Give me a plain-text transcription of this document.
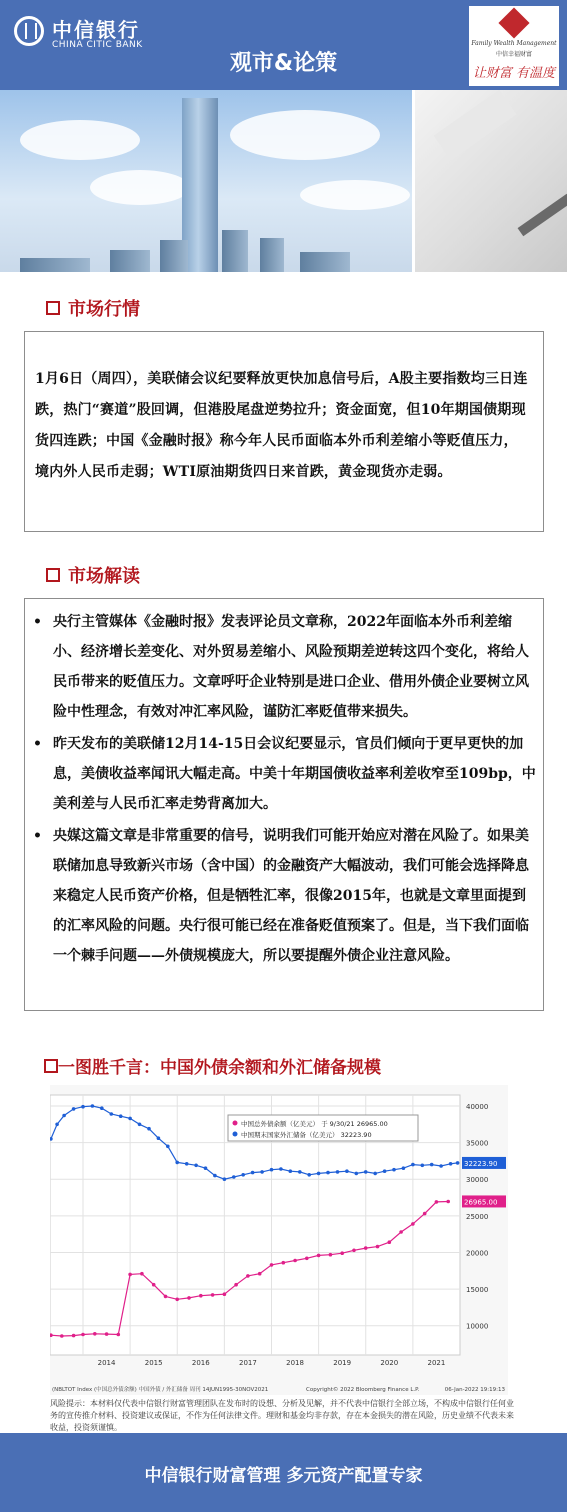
中信银行
CHINA CITIC BANK
观市&论策
Family Wealth Management
中信幸福财富
让财富 有温度
市场行情
1月6日（周四），美联储会议纪要释放更快加息信号后，A股主要指数均三日连跌，热门“赛道”股回调，但港股尾盘逆势拉升；资金面宽，但10年期国债期现货四连跌；中国《金融时报》称今年人民币面临本外币利差缩小等贬值压力，境内外人民币走弱；WTI原油期货四日来首跌，黄金现货亦走弱。
市场解读
• 央行主管媒体《金融时报》发表评论员文章称，2022年面临本外币利差缩小、经济增长差变化、对外贸易差缩小、风险预期差逆转这四个变化，将给人民币带来的贬值压力。文章呼吁企业特别是进口企业、借用外债企业要树立风险中性理念，有效对冲汇率风险，谨防汇率贬值带来损失。
• 昨天发布的美联储12月14-15日会议纪要显示，官员们倾向于更早更快的加息，美债收益率闻讯大幅走高。中美十年期国债收益率利差收窄至109bp，中美利差与人民币汇率走势背离加大。
• 央媒这篇文章是非常重要的信号，说明我们可能开始应对潜在风险了。如果美联储加息导致新兴市场（含中国）的金融资产大幅波动，我们可能会选择降息来稳定人民币资产价格，但是牺牲汇率，很像2015年，也就是文章里面提到的汇率风险的问题。央行很可能已经在准备贬值预案了。但是，当下我们面临一个棘手问题——外债规模庞大，所以要提醒外债企业注意风险。
一图胜千言：中国外债余额和外汇储备规模
26965.00
32223.90
10000
15000
20000
25000
30000
35000
40000
2014	2015	2016	2017	2018	2019	2020	2021
中国总外债余额（亿美元） 于 9/30/21 26965.00
中国期末国家外汇储备（亿美元） 32223.90
(NBLTOT Index (中国总外债余额) 中国外债 / 外汇储备 周刊 14JUN1995-30NOV2021	Copyright© 2022 Bloomberg Finance L.P.	06-Jan-2022 19:19:13
风险提示：本材料仅代表中信银行财富管理团队在发布时的设想、分析及见解，并不代表中信银行全部立场，不构成中信银行任何业务的宣传推介材料、投资建议或保证，不作为任何法律文件。理财和基金均非存款，存在本金损失的潜在风险，历史业绩不代表未来收益，投资须谨慎。
中信银行财富管理 多元资产配置专家
